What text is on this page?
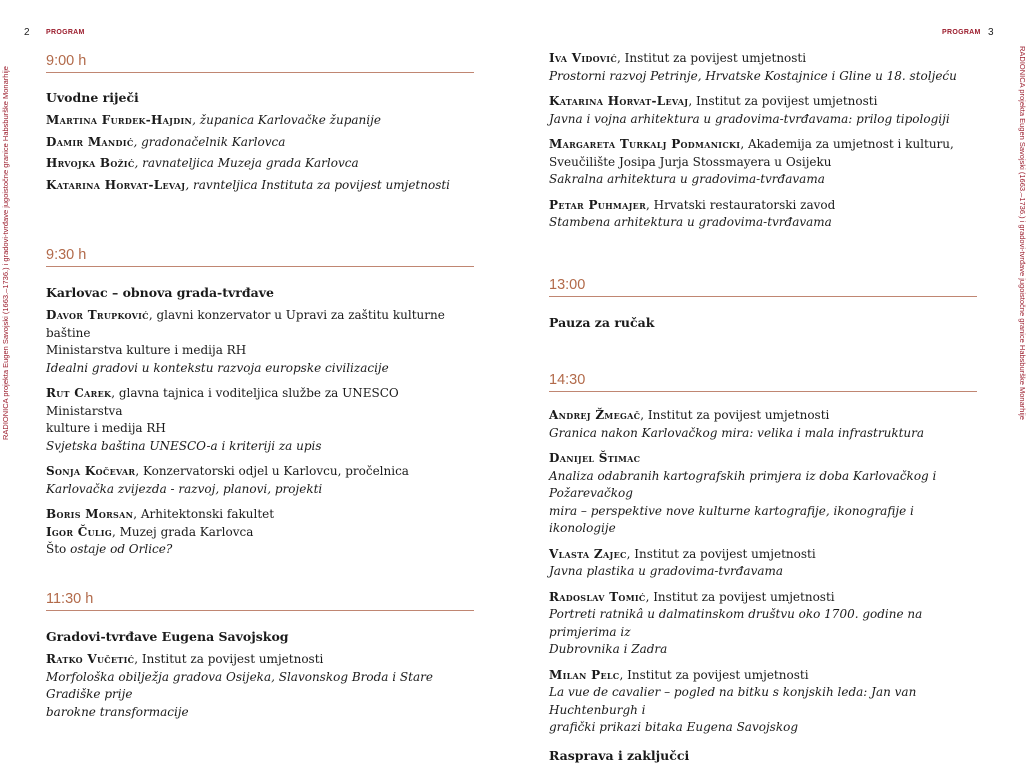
2 PROGRAM
RADIONICA projekta Eugen Savojski (1663.–1736.) i gradovi-tvrđave jugoistočne granice Habsburške Monarhije
9:00 h
Uvodne riječi
Martina Furdek-Hajdin, županica Karlovačke županije
Damir Mandić, gradonačelnik Karlovca
Hrvojka Božić, ravnateljica Muzeja grada Karlovca
Katarina Horvat-Levaj, ravnteljica Instituta za povijest umjetnosti
9:30 h
Karlovac – obnova grada-tvrđave
Davor Trupković, glavni konzervator u Upravi za zaštitu kulturne baštine
Ministarstva kulture i medija RH
Idealni gradovi u kontekstu razvoja europske civilizacije
Rut Carek, glavna tajnica i voditeljica službe za UNESCO Ministarstva
kulture i medija RH
Svjetska baština UNESCO-a i kriteriji za upis
Sonja Kočevar, Konzervatorski odjel u Karlovcu, pročelnica
Karlovačka zvijezda - razvoj, planovi, projekti
Boris Morsan, Arhitektonski fakultet
Igor Čulig, Muzej grada Karlovca
Što ostaje od Orlice?
11:30 h
Gradovi-tvrđave Eugena Savojskog
Ratko Vučetić, Institut za povijest umjetnosti
Morfološka obilježja gradova Osijeka, Slavonskog Broda i Stare Gradiške prije
barokne transformacije
PROGRAM 3
RADIONICA projekta Eugen Savojski (1663.–1736.) i gradovi-tvrđave jugoistočne granice Habsburške Monarhije
Iva Vidović, Institut za povijest umjetnosti
Prostorni razvoj Petrinje, Hrvatske Kostajnice i Gline u 18. stoljeću
Katarina Horvat-Levaj, Institut za povijest umjetnosti
Javna i vojna arhitektura u gradovima-tvrđavama: prilog tipologiji
Margareta Turkalj Podmanicki, Akademija za umjetnost i kulturu,
Sveučilište Josipa Jurja Stossmayera u Osijeku
Sakralna arhitektura u gradovima-tvrđavama
Petar Puhmajer, Hrvatski restauratorski zavod
Stambena arhitektura u gradovima-tvrđavama
13:00
Pauza za ručak
14:30
Andrej Žmegač, Institut za povijest umjetnosti
Granica nakon Karlovačkog mira: velika i mala infrastruktura
Danijel Štimac
Analiza odabranih kartografskih primjera iz doba Karlovačkog i Požarevačkog
mira – perspektive nove kulturne kartografije, ikonografije i ikonologije
Vlasta Zajec, Institut za povijest umjetnosti
Javna plastika u gradovima-tvrđavama
Radoslav Tomić, Institut za povijest umjetnosti
Portreti ratnikâ u dalmatinskom društvu oko 1700. godine na primjerima iz
Dubrovnika i Zadra
Milan Pelc, Institut za povijest umjetnosti
La vue de cavalier – pogled na bitku s konjskih leda: Jan van Huchtenburgh i
grafički prikazi bitaka Eugena Savojskog
Rasprava i zaključci
